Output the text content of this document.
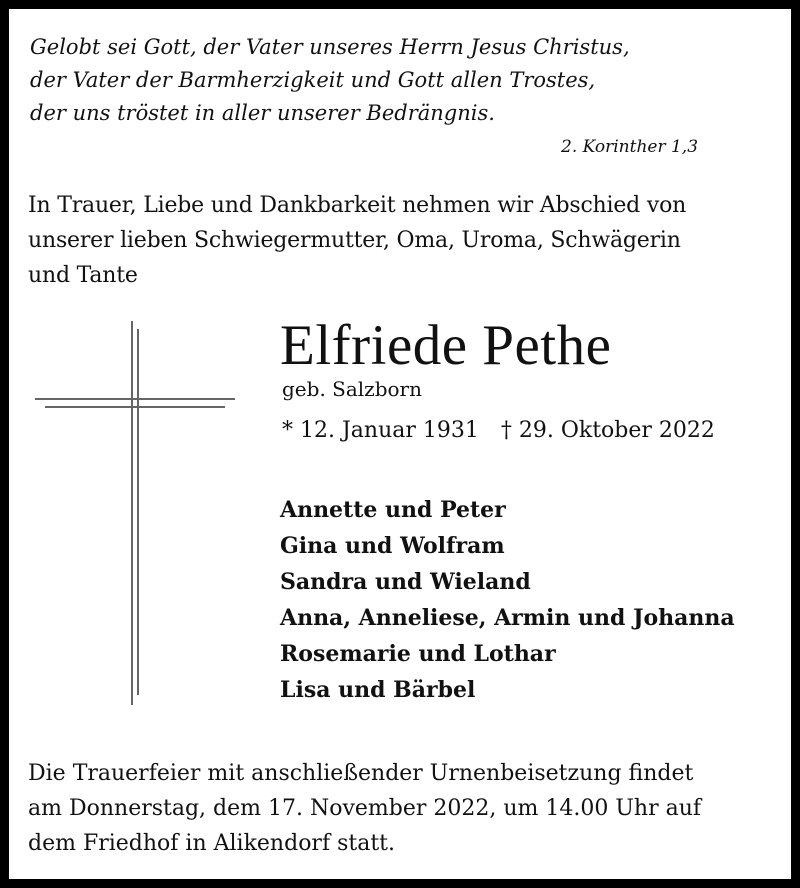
Gelobt sei Gott, der Vater unseres Herrn Jesus Christus,
der Vater der Barmherzigkeit und Gott allen Trostes,
der uns tröstet in aller unserer Bedrängnis.
2. Korinther 1,3
In Trauer, Liebe und Dankbarkeit nehmen wir Abschied von
unserer lieben Schwiegermutter, Oma, Uroma, Schwägerin
und Tante
Elfriede Pethe
geb. Salzborn
* 12. Januar 1931 † 29. Oktober 2022
Annette und Peter
Gina und Wolfram
Sandra und Wieland
Anna, Anneliese, Armin und Johanna
Rosemarie und Lothar
Lisa und Bärbel
Die Trauerfeier mit anschließender Urnenbeisetzung findet
am Donnerstag, dem 17. November 2022, um 14.00 Uhr auf
dem Friedhof in Alikendorf statt.
